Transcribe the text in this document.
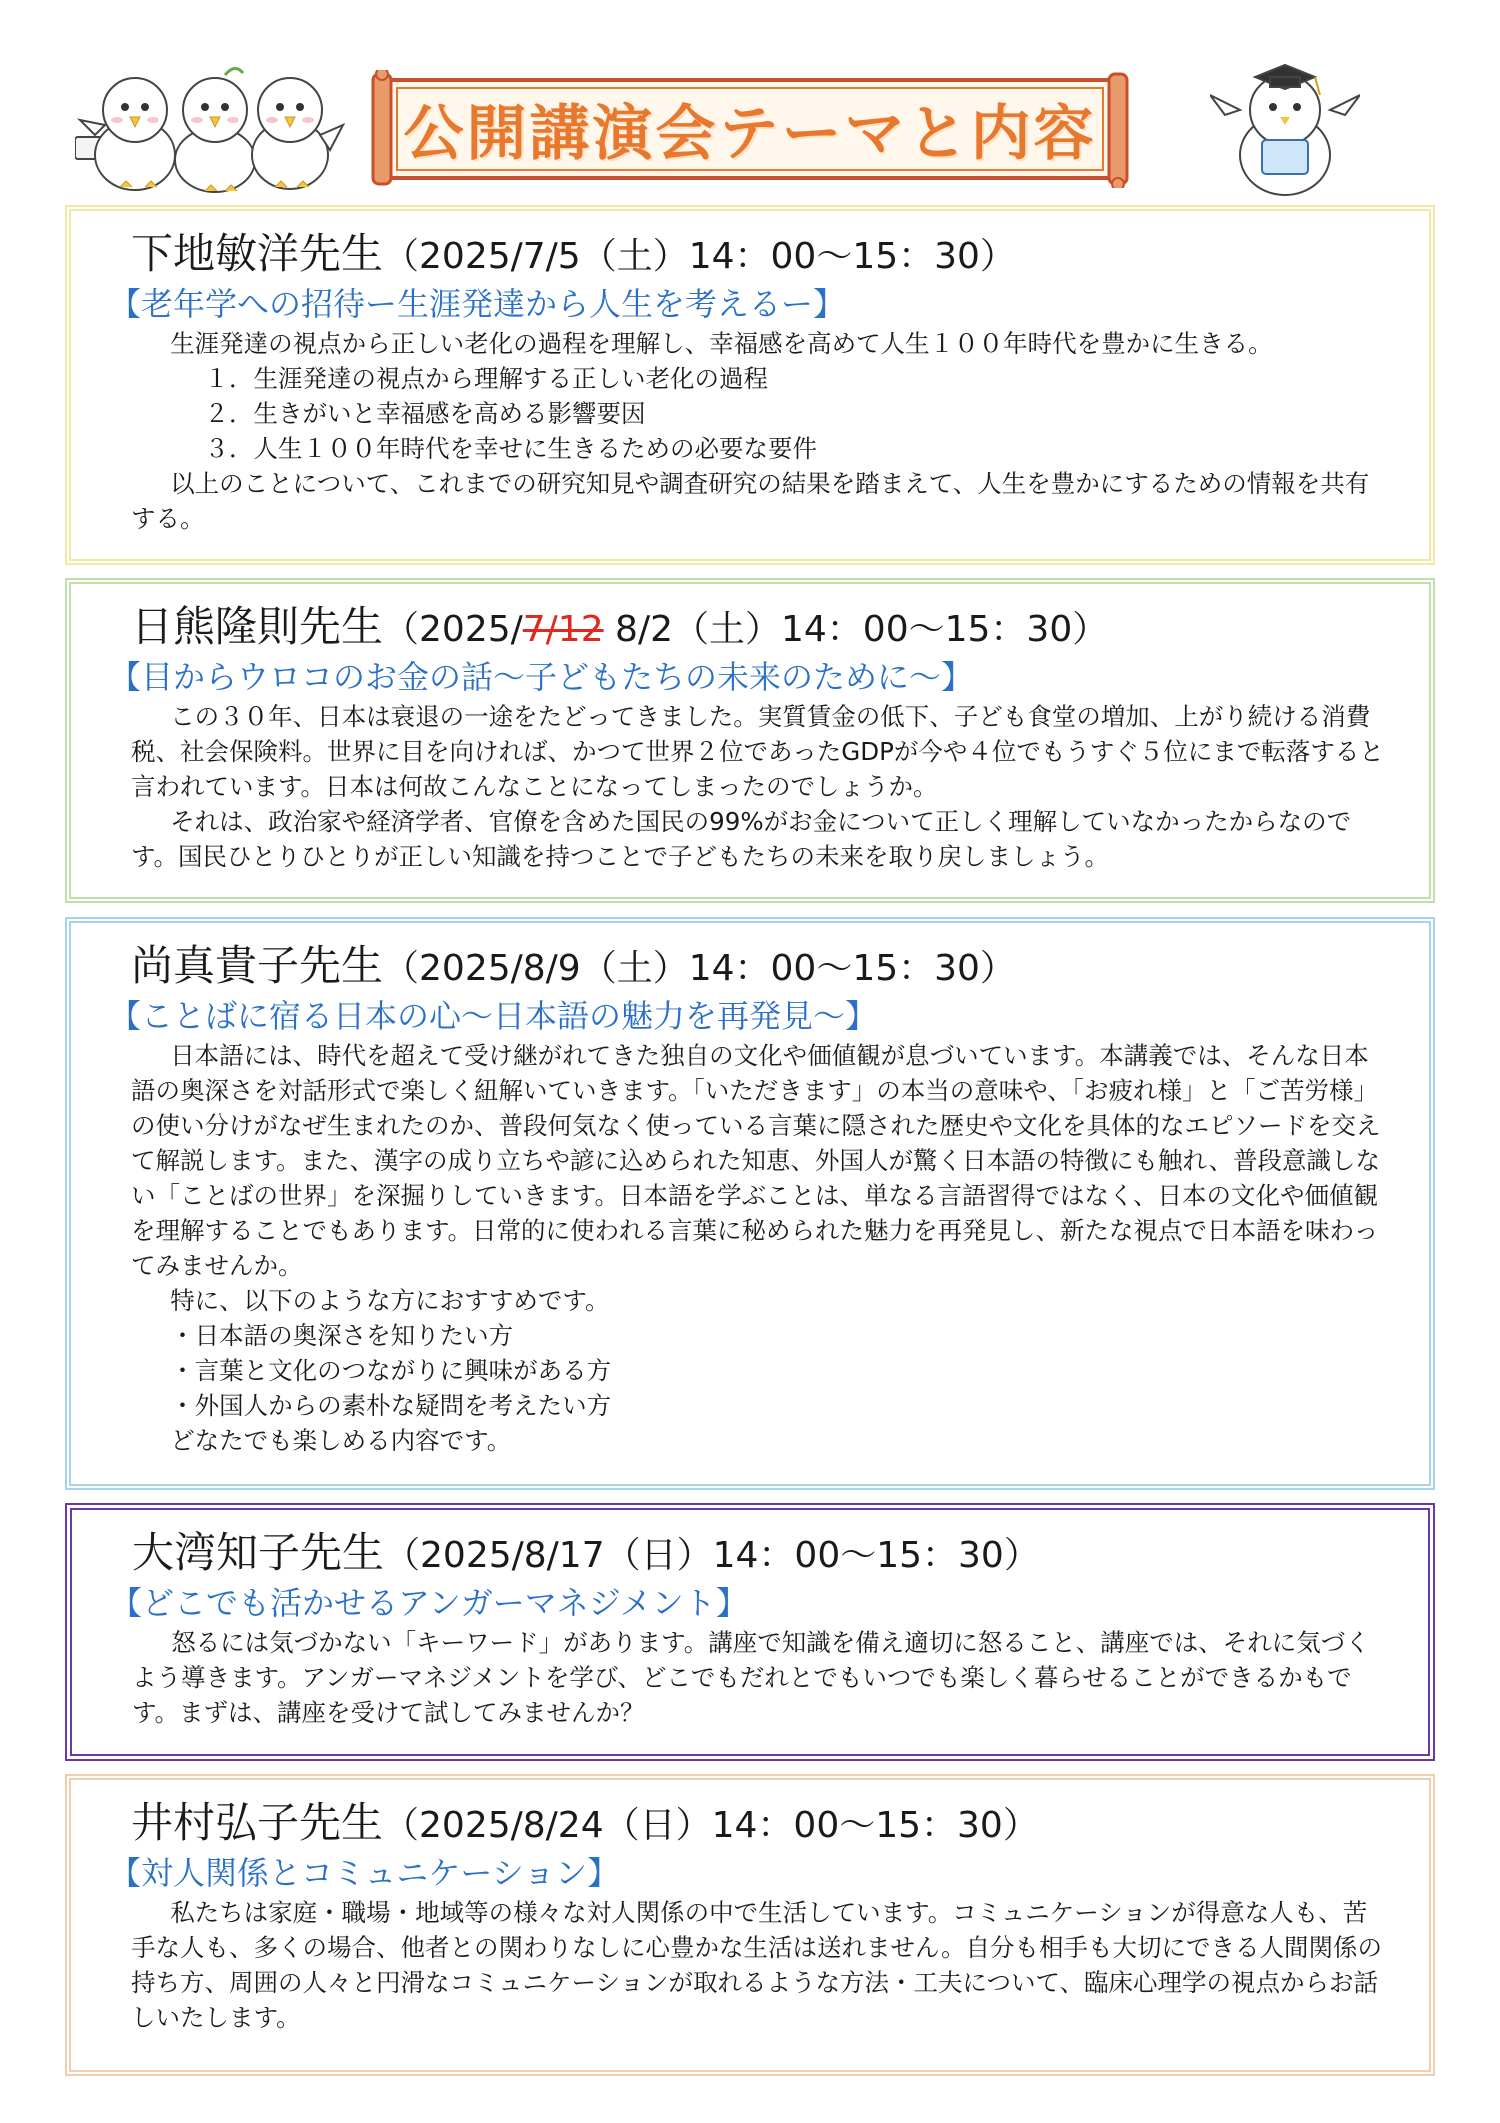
公開講演会テーマと内容
下地敏洋先生（2025/7/5（土）14：00～15：30）
【老年学への招待ー生涯発達から人生を考えるー】

生涯発達の視点から正しい老化の過程を理解し、幸福感を高めて人生１００年時代を豊かに生きる。

１．生涯発達の視点から理解する正しい老化の過程

２．生きがいと幸福感を高める影響要因

３．人生１００年時代を幸せに生きるための必要な要件

以上のことについて、これまでの研究知見や調査研究の結果を踏まえて、人生を豊かにするための情報を共有する。

日熊隆則先生（2025/7/12 8/2（土）14：00～15：30）
【目からウロコのお金の話～子どもたちの未来のために～】

この３０年、日本は衰退の一途をたどってきました。実質賃金の低下、子ども食堂の増加、上がり続ける消費税、社会保険料。世界に目を向ければ、かつて世界２位であったGDPが今や４位でもうすぐ５位にまで転落すると言われています。日本は何故こんなことになってしまったのでしょうか。

それは、政治家や経済学者、官僚を含めた国民の99%がお金について正しく理解していなかったからなのです。国民ひとりひとりが正しい知識を持つことで子どもたちの未来を取り戻しましょう。

尚真貴子先生（2025/8/9（土）14：00～15：30）
【ことばに宿る日本の心～日本語の魅力を再発見～】

日本語には、時代を超えて受け継がれてきた独自の文化や価値観が息づいています。本講義では、そんな日本語の奥深さを対話形式で楽しく紐解いていきます。「いただきます」の本当の意味や、「お疲れ様」と「ご苦労様」の使い分けがなぜ生まれたのか、普段何気なく使っている言葉に隠された歴史や文化を具体的なエピソードを交えて解説します。また、漢字の成り立ちや諺に込められた知恵、外国人が驚く日本語の特徴にも触れ、普段意識しない「ことばの世界」を深掘りしていきます。日本語を学ぶことは、単なる言語習得ではなく、日本の文化や価値観を理解することでもあります。日常的に使われる言葉に秘められた魅力を再発見し、新たな視点で日本語を味わってみませんか。

特に、以下のような方におすすめです。

・日本語の奥深さを知りたい方

・言葉と文化のつながりに興味がある方

・外国人からの素朴な疑問を考えたい方

どなたでも楽しめる内容です。

大湾知子先生（2025/8/17（日）14：00～15：30）
【どこでも活かせるアンガーマネジメント】

怒るには気づかない「キーワード」があります。講座で知識を備え適切に怒ること、講座では、それに気づくよう導きます。アンガーマネジメントを学び、どこでもだれとでもいつでも楽しく暮らせることができるかもです。まずは、講座を受けて試してみませんか？

井村弘子先生（2025/8/24（日）14：00～15：30）
【対人関係とコミュニケーション】

私たちは家庭・職場・地域等の様々な対人関係の中で生活しています。コミュニケーションが得意な人も、苦手な人も、多くの場合、他者との関わりなしに心豊かな生活は送れません。自分も相手も大切にできる人間関係の持ち方、周囲の人々と円滑なコミュニケーションが取れるような方法・工夫について、臨床心理学の視点からお話しいたします。
